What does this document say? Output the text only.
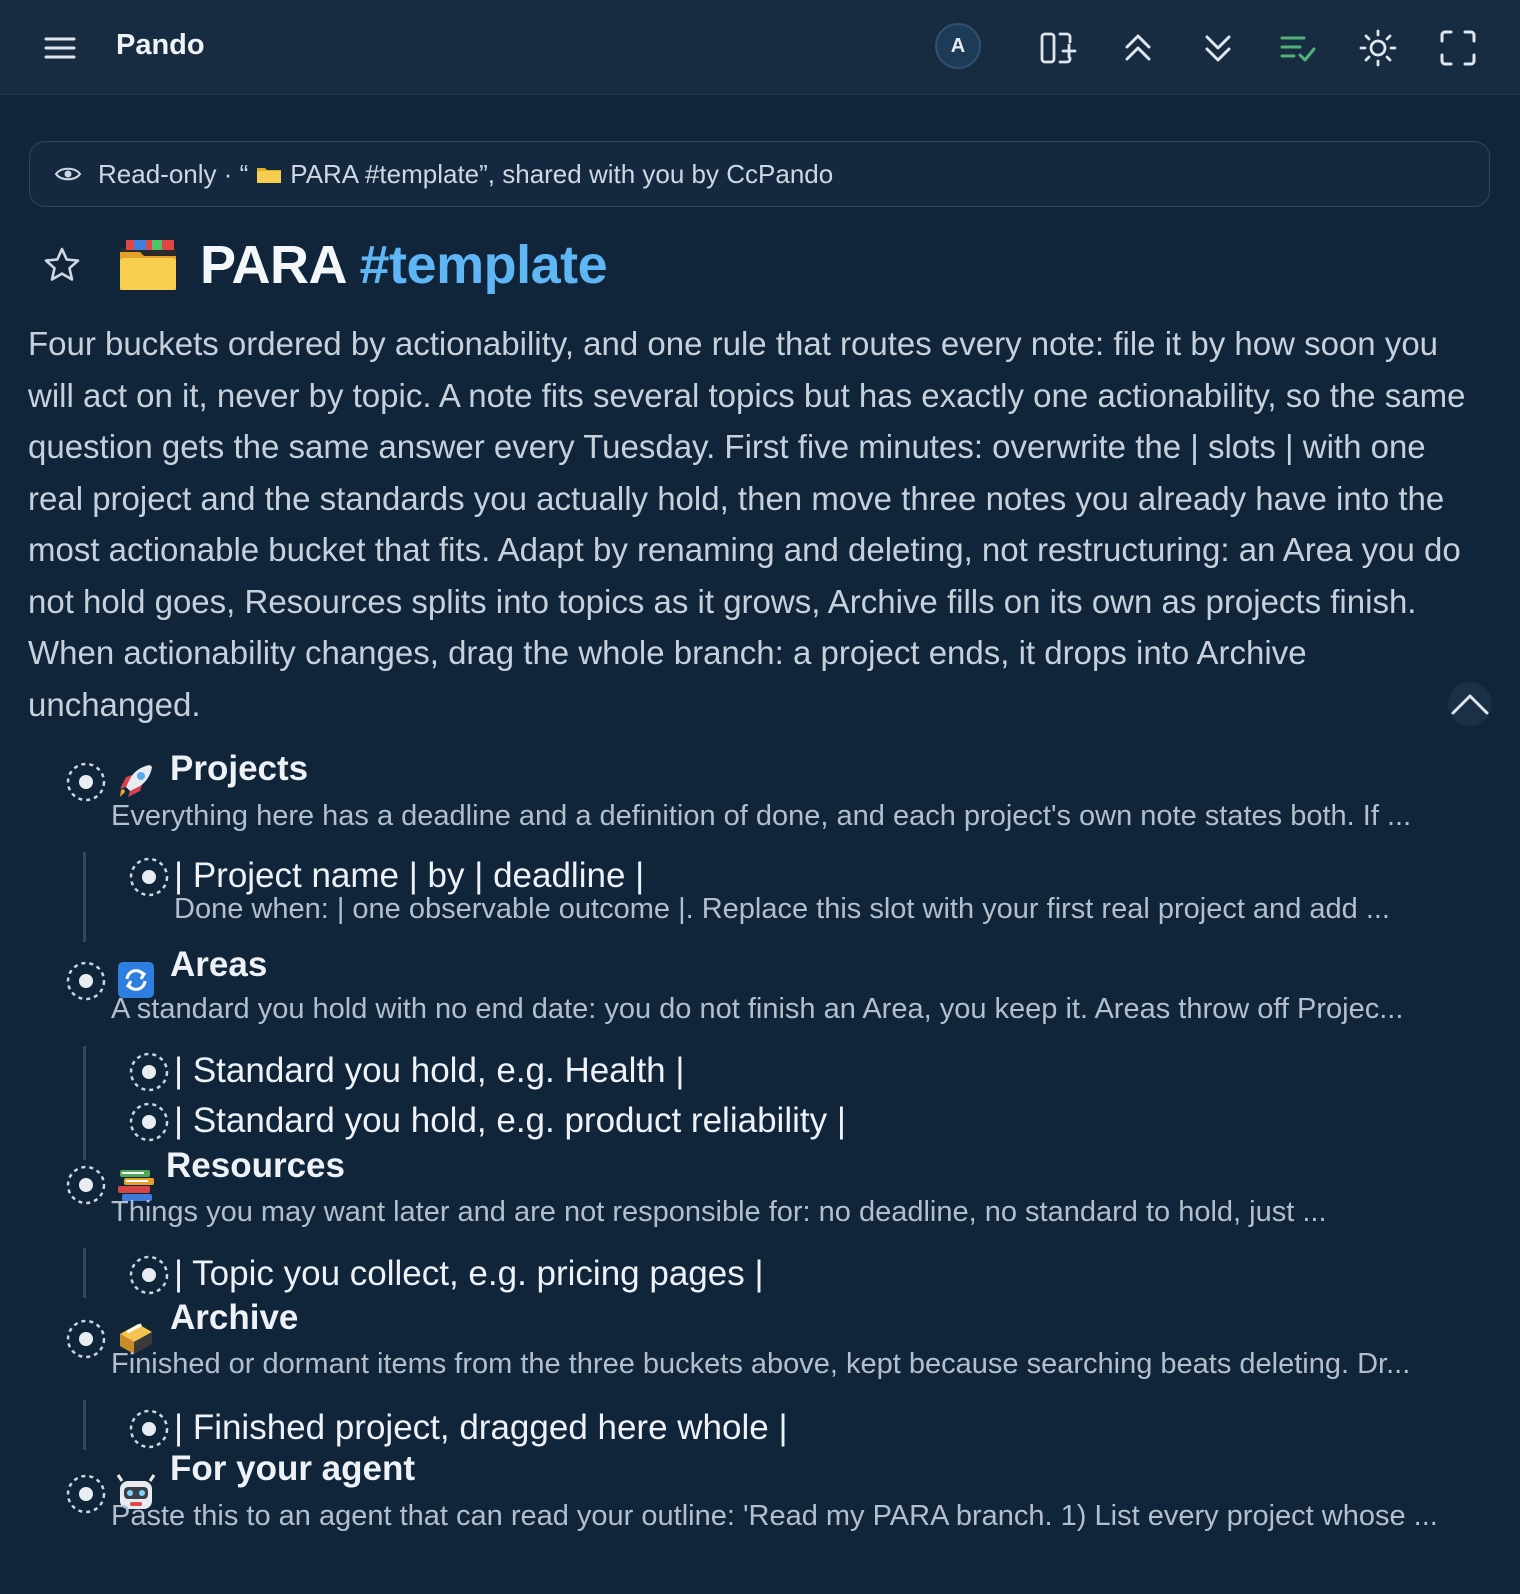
Pando	A
Read-only · “ PARA #template ”, shared with you by CcPando
PARA #template
Four buckets ordered by actionability, and one rule that routes every note: file it by how soon you will act on it, never by topic. A note fits several topics but has exactly one actionability, so the same question gets the same answer every Tuesday. First five minutes: overwrite the | slots | with one real project and the standards you actually hold, then move three notes you already have into the most actionable bucket that fits. Adapt by renaming and deleting, not restructuring: an Area you do not hold goes, Resources splits into topics as it grows, Archive fills on its own as projects finish. When actionability changes, drag the whole branch: a project ends, it drops into Archive unchanged.
Projects
Everything here has a deadline and a definition of done, and each project's own note states both. If ...
| Project name | by | deadline |
Done when: | one observable outcome |. Replace this slot with your first real project and add ...
Areas
A standard you hold with no end date: you do not finish an Area, you keep it. Areas throw off Projec...
| Standard you hold, e.g. Health |
| Standard you hold, e.g. product reliability |
Resources
Things you may want later and are not responsible for: no deadline, no standard to hold, just ...
| Topic you collect, e.g. pricing pages |
Archive
Finished or dormant items from the three buckets above, kept because searching beats deleting. Dr...
| Finished project, dragged here whole |
For your agent
Paste this to an agent that can read your outline: 'Read my PARA branch. 1) List every project whose ...
